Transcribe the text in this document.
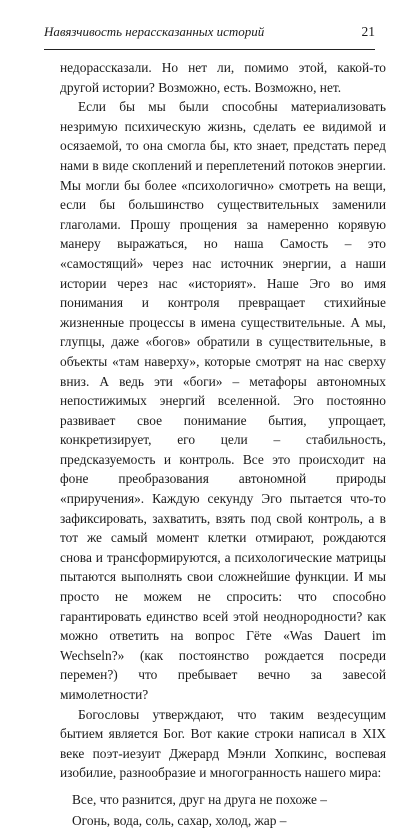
Навязчивость нерассказанных историй	21

недорассказали. Но нет ли, помимо этой, какой-то другой истории? Возможно, есть. Возможно, нет.

Если бы мы были способны материализовать незримую психическую жизнь, сделать ее видимой и осязаемой, то она смогла бы, кто знает, предстать перед нами в виде скоплений и переплетений потоков энергии. Мы могли бы более «психологично» смотреть на вещи, если бы большинство существительных заменили глаголами. Прошу прощения за намеренно корявую манеру выражаться, но наша Самость – это «самостящий» через нас источник энергии, а наши истории через нас «историят». Наше Эго во имя понимания и контроля превращает стихийные жизненные процессы в имена существительные. А мы, глупцы, даже «богов» обратили в существительные, в объекты «там наверху», которые смотрят на нас сверху вниз. А ведь эти «боги» – метафоры автономных непостижимых энергий вселенной. Эго постоянно развивает свое понимание бытия, упрощает, конкретизирует, его цели – стабильность, предсказуемость и контроль. Все это происходит на фоне преобразования автономной природы «приручения». Каждую секунду Эго пытается что-то зафиксировать, захватить, взять под свой контроль, а в тот же самый момент клетки отмирают, рождаются снова и трансформируются, а психологические матрицы пытаются выполнять свои сложнейшие функции. И мы просто не можем не спросить: что способно гарантировать единство всей этой неоднородности? как можно ответить на вопрос Гёте «Was Dauert im Wechseln?» (как постоянство рождается посреди перемен?) что пребывает вечно за завесой мимолетности?

Богословы утверждают, что таким вездесущим бытием является Бог. Вот какие строки написал в XIX веке поэт-иезуит Джерард Мэнли Хопкинс, воспевая изобилие, разнообразие и многогранность нашего мира:

Все, что разнится, друг на друга не похоже –
Огонь, вода, соль, сахар, холод, жар –
